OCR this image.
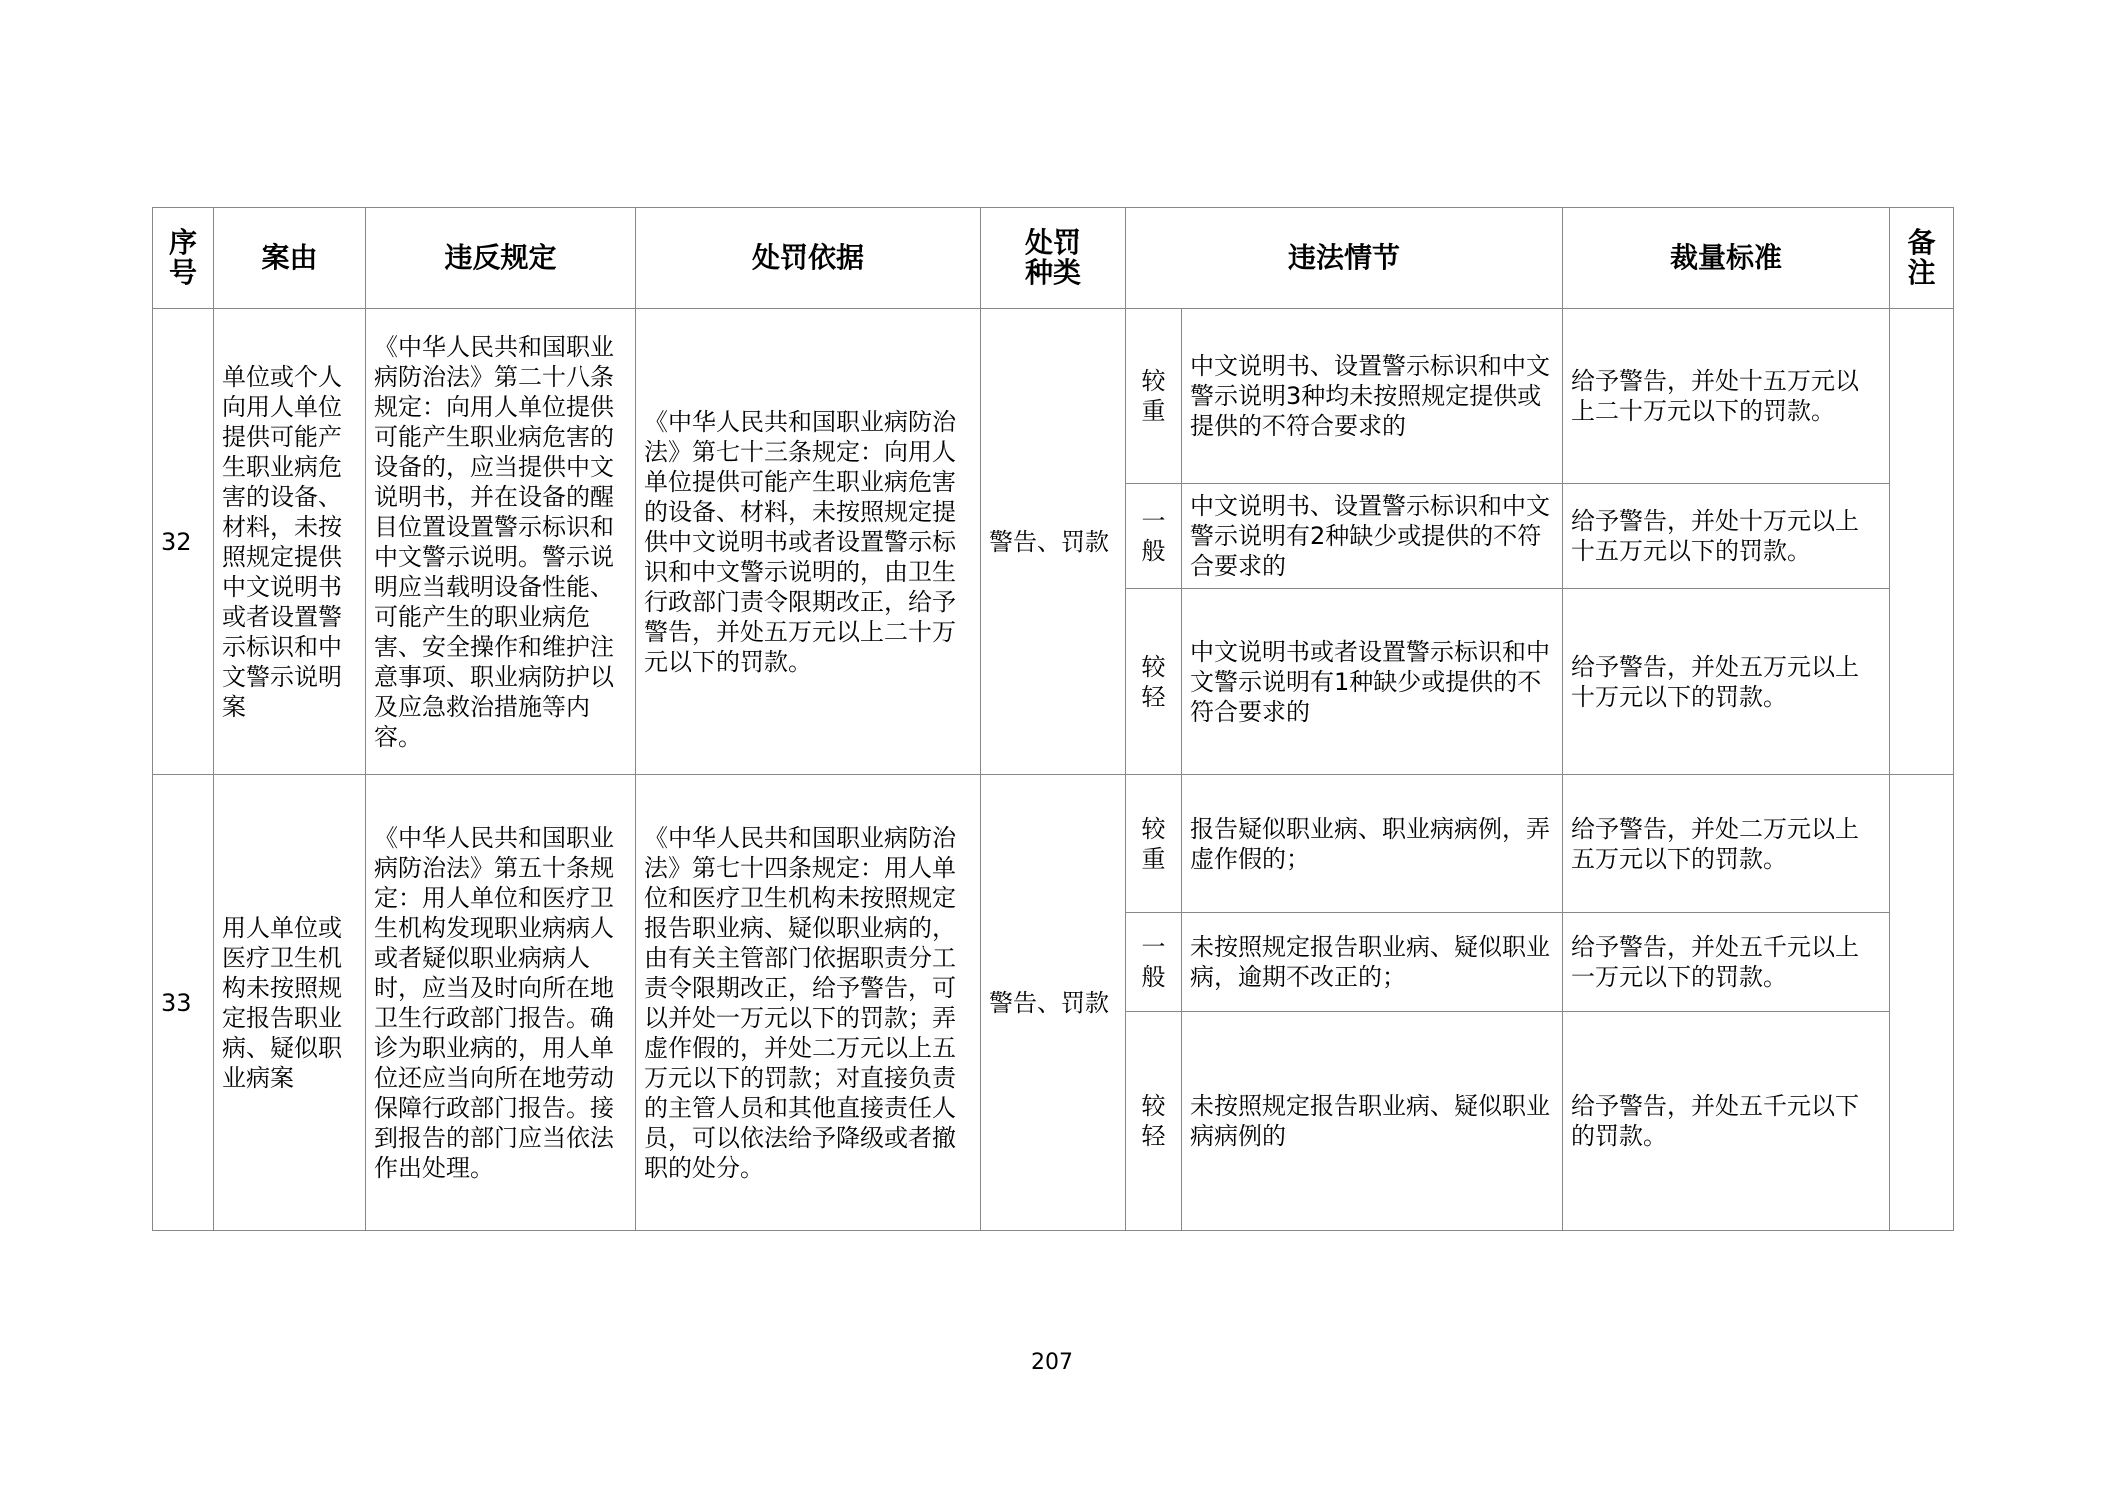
序号	案由	违反规定	处罚依据	处罚种类	违法情节		裁量标准	备注
32	单位或个人向用人单位提供可能产生职业病危害的设备、材料，未按照规定提供中文说明书或者设置警示标识和中文警示说明案	《中华人民共和国职业病防治法》第二十八条规定：向用人单位提供可能产生职业病危害的设备的，应当提供中文说明书，并在设备的醒目位置设置警示标识和中文警示说明。警示说明应当载明设备性能、可能产生的职业病危害、安全操作和维护注意事项、职业病防护以及应急救治措施等内容。	《中华人民共和国职业病防治法》第七十三条规定：向用人单位提供可能产生职业病危害的设备、材料，未按照规定提供中文说明书或者设置警示标识和中文警示说明的，由卫生行政部门责令限期改正，给予警告，并处五万元以上二十万元以下的罚款。	警告、罚款	较重	中文说明书、设置警示标识和中文警示说明3种均未按照规定提供或提供的不符合要求的	给予警告，并处十五万元以上二十万元以下的罚款。	
					一般	中文说明书、设置警示标识和中文警示说明有2种缺少或提供的不符合要求的	给予警告，并处十万元以上十五万元以下的罚款。	
					较轻	中文说明书或者设置警示标识和中文警示说明有1种缺少或提供的不符合要求的	给予警告，并处五万元以上十万元以下的罚款。	
33	用人单位或医疗卫生机构未按照规定报告职业病、疑似职业病案	《中华人民共和国职业病防治法》第五十条规定：用人单位和医疗卫生机构发现职业病病人或者疑似职业病病人时，应当及时向所在地卫生行政部门报告。确诊为职业病的，用人单位还应当向所在地劳动保障行政部门报告。接到报告的部门应当依法作出处理。	《中华人民共和国职业病防治法》第七十四条规定：用人单位和医疗卫生机构未按照规定报告职业病、疑似职业病的，由有关主管部门依据职责分工责令限期改正，给予警告，可以并处一万元以下的罚款；弄虚作假的，并处二万元以上五万元以下的罚款；对直接负责的主管人员和其他直接责任人员，可以依法给予降级或者撤职的处分。	警告、罚款	较重	报告疑似职业病、职业病病例，弄虚作假的；	给予警告，并处二万元以上五万元以下的罚款。	
					一般	未按照规定报告职业病、疑似职业病，逾期不改正的；	给予警告，并处五千元以上一万元以下的罚款。	
					较轻	未按照规定报告职业病、疑似职业病病例的	给予警告，并处五千元以下的罚款。	
207
